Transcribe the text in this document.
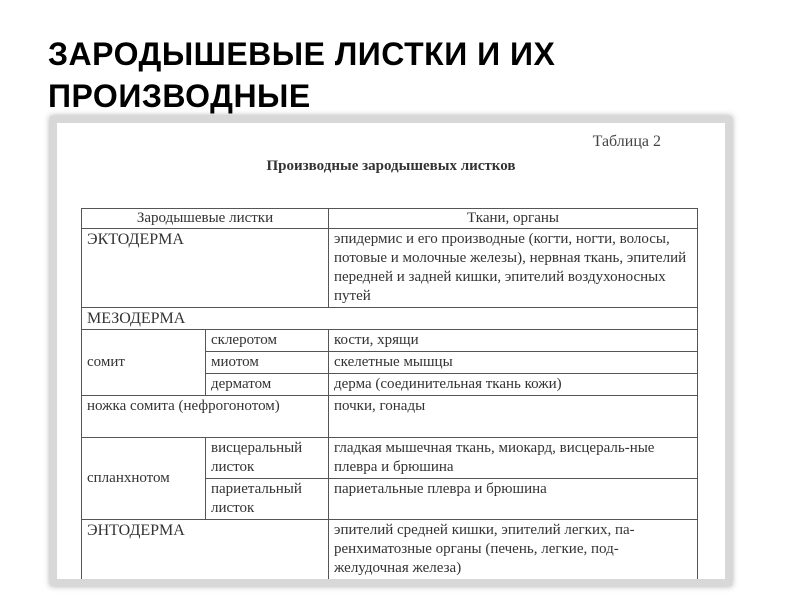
ЗАРОДЫШЕВЫЕ ЛИСТКИ И ИХ
ПРОИЗВОДНЫЕ
Таблица 2
Производные зародышевых листков
Зародышевые листки		Ткани, органы
ЭКТОДЕРМА		эпидермис и его производные (когти, ногти, волосы, потовые и молочные железы), нервная ткань, эпителий передней и задней кишки, эпителий воздухоносных путей
МЕЗОДЕРМА		
сомит	склеротом	кости, хрящи
	миотом	скелетные мышцы
	дерматом	дерма (соединительная ткань кожи)
ножка сомита (нефрогонотом)		почки, гонады
спланхнотом	висцеральный листок	гладкая мышечная ткань, миокард, висцераль-ные плевра и брюшина
	париетальный листок	париетальные плевра и брюшина
ЭНТОДЕРМА		эпителий средней кишки, эпителий легких, па-ренхиматозные органы (печень, легкие, под-желудочная железа)
